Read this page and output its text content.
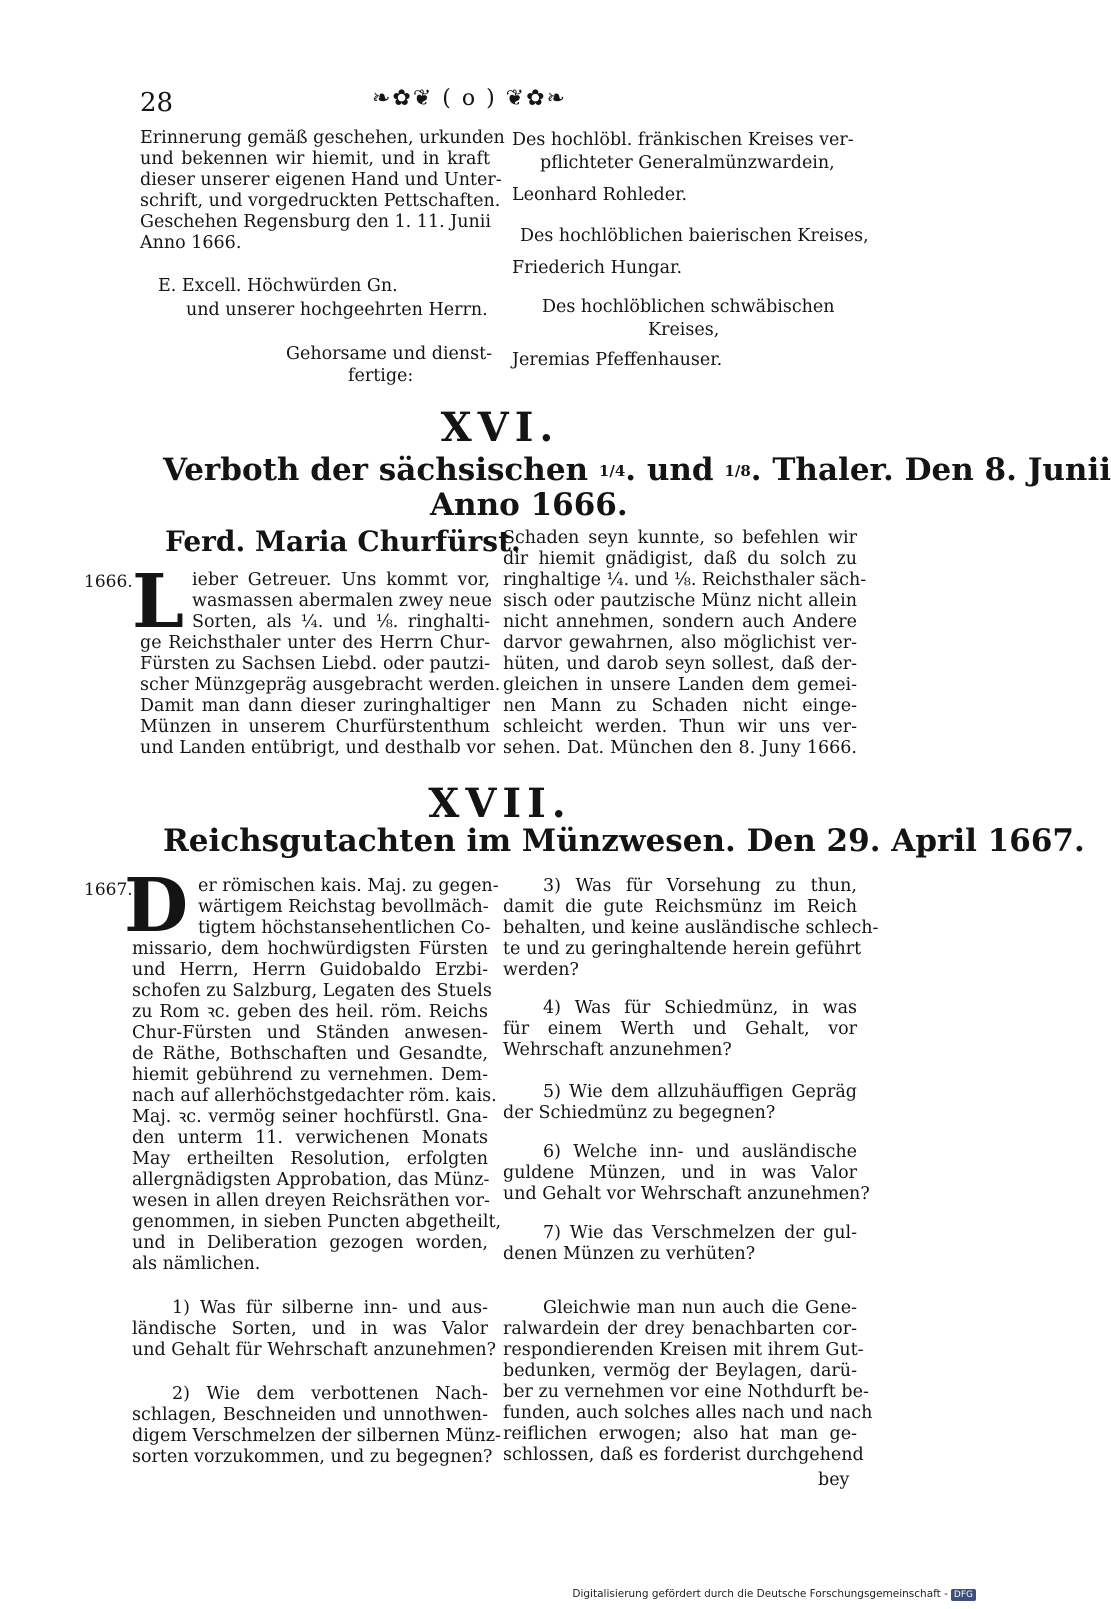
28	❧✿❦ ( o ) ❦✿❧
Erinnerung gemäß geschehen, urkunden
und bekennen wir hiemit, und in kraft
dieser unserer eigenen Hand und Unter-
schrift, und vorgedruckten Pettschaften.
Geschehen Regensburg den 1. 11. Junii
Anno 1666.
E. Excell. Höchwürden Gn.
und unserer hochgeehrten Herrn.
Gehorsame und dienst-
fertige:
Des hochlöbl. fränkischen Kreises ver-
pflichteter Generalmünzwardein,
Leonhard Rohleder.
Des hochlöblichen baierischen Kreises,
Friederich Hungar.
Des hochlöblichen schwäbischen
Kreises,
Jeremias Pfeffenhauser.
XVI.
Verboth der sächsischen 1/4. und 1/8. Thaler. Den 8. Junii
Anno 1666.
Ferd. Maria Churfürst.
1666. L ieber Getreuer. Uns kommt vor,
wasmassen abermalen zwey neue
Sorten, als ¼. und ⅛. ringhalti-
ge Reichsthaler unter des Herrn Chur-
Fürsten zu Sachsen Liebd. oder pautzi-
scher Münzgepräg ausgebracht werden.
Damit man dann dieser zuringhaltiger
Münzen in unserem Churfürstenthum
und Landen entübrigt, und desthalb vor
Schaden seyn kunnte, so befehlen wir
dir hiemit gnädigist, daß du solch zu
ringhaltige ¼. und ⅛. Reichsthaler säch-
sisch oder pautzische Münz nicht allein
nicht annehmen, sondern auch Andere
darvor gewahrnen, also möglichist ver-
hüten, und darob seyn sollest, daß der-
gleichen in unsere Landen dem gemei-
nen Mann zu Schaden nicht einge-
schleicht werden. Thun wir uns ver-
sehen. Dat. München den 8. Juny 1666.
XVII.
Reichsgutachten im Münzwesen. Den 29. April 1667.
1667.
D er römischen kais. Maj. zu gegen-
wärtigem Reichstag bevollmäch-
tigtem höchstansehentlichen Co-
missario, dem hochwürdigsten Fürsten
und Herrn, Herrn Guidobaldo Erzbi-
schofen zu Salzburg, Legaten des Stuels
zu Rom ꝛc. geben des heil. röm. Reichs
Chur-Fürsten und Ständen anwesen-
de Räthe, Bothschaften und Gesandte,
hiemit gebührend zu vernehmen. Dem-
nach auf allerhöchstgedachter röm. kais.
Maj. ꝛc. vermög seiner hochfürstl. Gna-
den unterm 11. verwichenen Monats
May ertheilten Resolution, erfolgten
allergnädigsten Approbation, das Münz-
wesen in allen dreyen Reichsräthen vor-
genommen, in sieben Puncten abgetheilt,
und in Deliberation gezogen worden,
als nämlichen.
1) Was für silberne inn- und aus-
ländische Sorten, und in was Valor
und Gehalt für Wehrschaft anzunehmen?
2) Wie dem verbottenen Nach-
schlagen, Beschneiden und unnothwen-
digem Verschmelzen der silbernen Münz-
sorten vorzukommen, und zu begegnen?
3) Was für Vorsehung zu thun,
damit die gute Reichsmünz im Reich
behalten, und keine ausländische schlech-
te und zu geringhaltende herein geführt
werden?
4) Was für Schiedmünz, in was
für einem Werth und Gehalt, vor
Wehrschaft anzunehmen?
5) Wie dem allzuhäuffigen Gepräg
der Schiedmünz zu begegnen?
6) Welche inn- und ausländische
guldene Münzen, und in was Valor
und Gehalt vor Wehrschaft anzunehmen?
7) Wie das Verschmelzen der gul-
denen Münzen zu verhüten?
Gleichwie man nun auch die Gene-
ralwardein der drey benachbarten cor-
respondierenden Kreisen mit ihrem Gut-
bedunken, vermög der Beylagen, darü-
ber zu vernehmen vor eine Nothdurft be-
funden, auch solches alles nach und nach
reiflichen erwogen; also hat man ge-
schlossen, daß es forderist durchgehend
bey
Digitalisierung gefördert durch die Deutsche Forschungsgemeinschaft - DFG
